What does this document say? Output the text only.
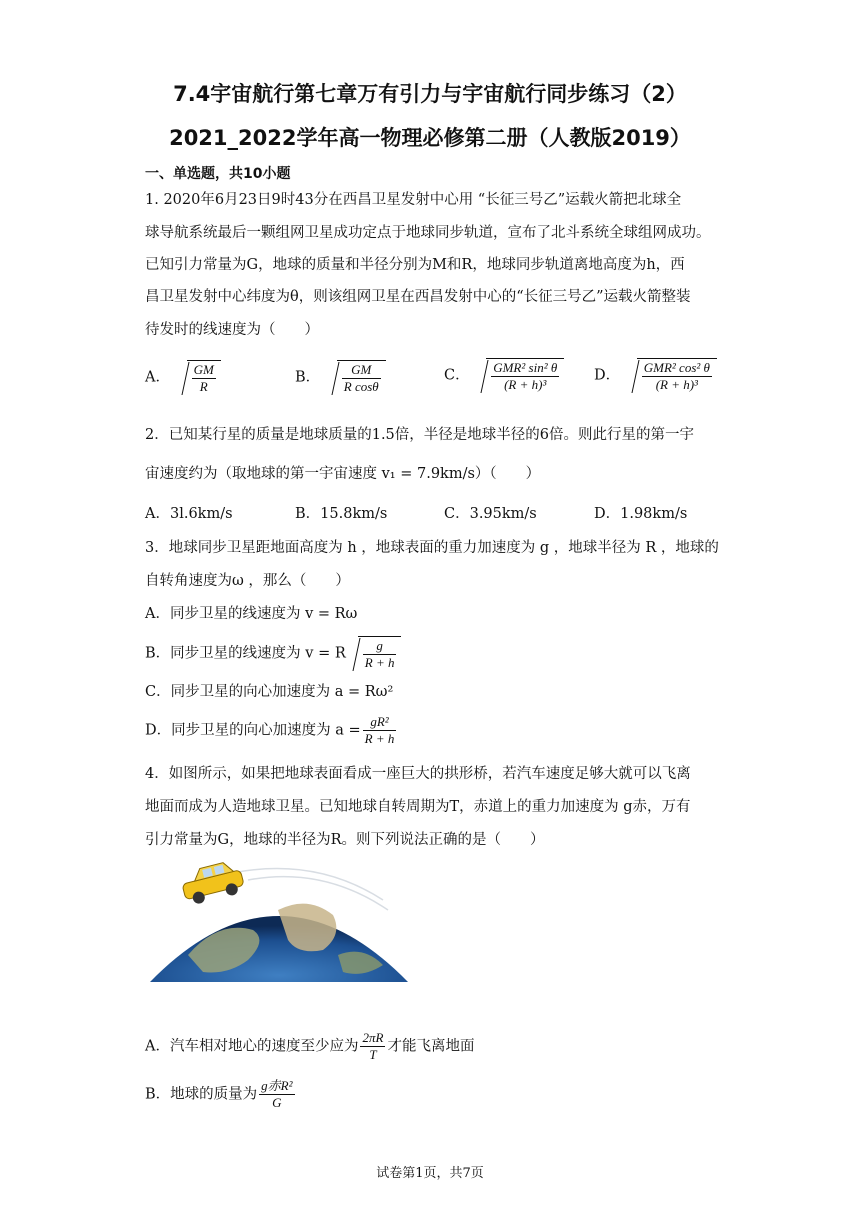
7.4宇宙航行第七章万有引力与宇宙航行同步练习（2）
2021_2022学年高一物理必修第二册（人教版2019）
一、单选题，共10小题
1. 2020年6月23日9时43分在西昌卫星发射中心用 “长征三号乙”运载火箭把北球全
球导航系统最后一颗组网卫星成功定点于地球同步轨道，宣布了北斗系统全球组网成功。
已知引力常量为G，地球的质量和半径分别为M和R，地球同步轨道离地高度为h，西
昌卫星发射中心纬度为θ，则该组网卫星在西昌发射中心的“长征三号乙”运载火箭整装
待发时的线速度为（　　）
A． $\frac{GM}{R}$	B． $\frac{GM}{\text{R cosθ}}$	C． $\frac{\text{GMR² sin² θ}}{\text{(R + h)³}}$ D． $\frac{\text{GMR² cos² θ}}{\text{(R + h)³}}$
2．已知某行星的质量是地球质量的1.5倍，半径是地球半径的6倍。则此行星的第一宇
宙速度约为（取地球的第一宇宙速度 v₁ = 7.9km/s）（　　）
A．3l.6km/s	B．15.8km/s	C．3.95km/s	D．1.98km/s
3．地球同步卫星距地面高度为 h ，地球表面的重力加速度为 g ，地球半径为 R ，地球的
自转角速度为ω ，那么（　　）
A．同步卫星的线速度为 v = Rω
B．同步卫星的线速度为 v = R $\frac{g}{R + h}$
C．同步卫星的向心加速度为 a = Rω²
D．同步卫星的向心加速度为 $a = \frac{\text{gR²}}{R + h}$
4．如图所示，如果把地球表面看成一座巨大的拱形桥，若汽车速度足够大就可以飞离
地面而成为人造地球卫星。已知地球自转周期为T，赤道上的重力加速度为 g赤，万有
引力常量为G，地球的半径为R。则下列说法正确的是（　　）
A．汽车相对地心的速度至少应为 $\frac{2\pi R}{T}$ 才能飞离地面
B．地球的质量为 $\frac{\text{g赤R²}}{G}$
试卷第1页，共7页
